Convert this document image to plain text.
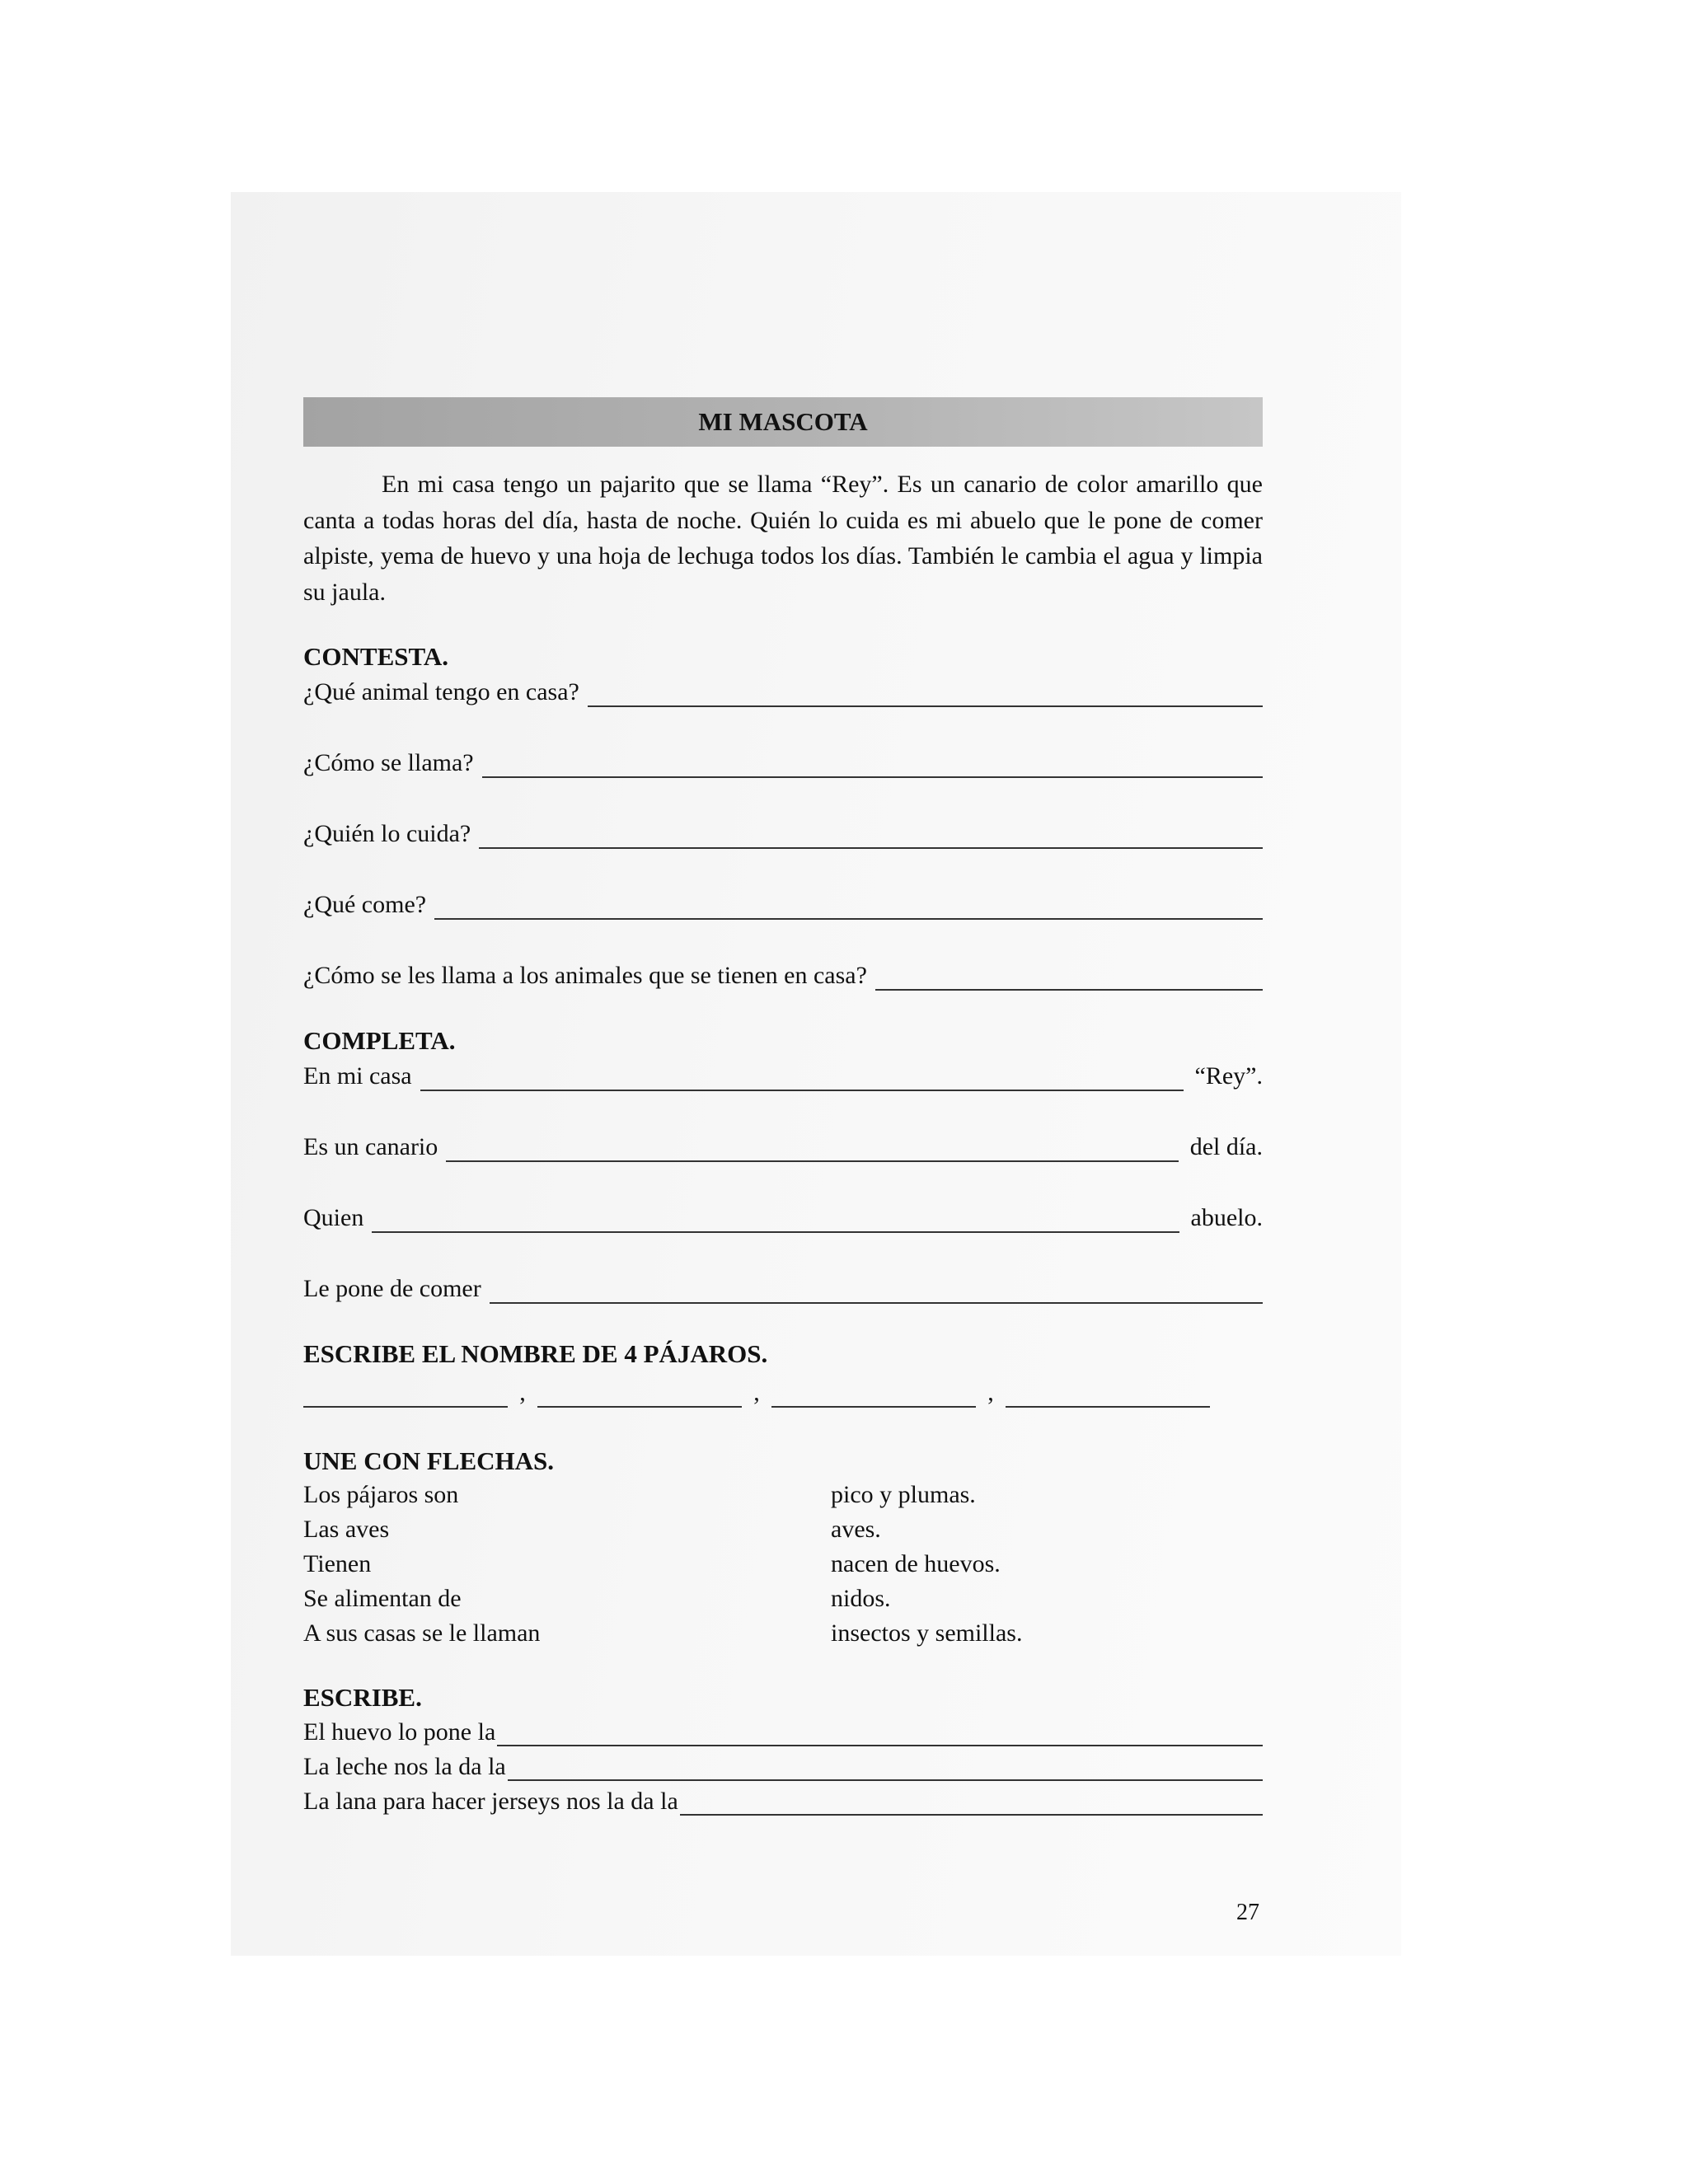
MI MASCOTA

En mi casa tengo un pajarito que se llama “Rey”. Es un canario de color amarillo que canta a todas horas del día, hasta de noche. Quién lo cuida es mi abuelo que le pone de comer alpiste, yema de huevo y una hoja de lechuga todos los días. También le cambia el agua y limpia su jaula.

CONTESTA.
¿Qué animal tengo en casa?
¿Cómo se llama?
¿Quién lo cuida?
¿Qué come?
¿Cómo se les llama a los animales que se tienen en casa?
COMPLETA.
En mi casa	“Rey”.
Es un canario	del día.
Quien	abuelo.
Le pone de comer
ESCRIBE EL NOMBRE DE 4 PÁJAROS.
,	,	,
UNE CON FLECHAS.
Los pájaros son	pico y plumas.
Las aves	aves.
Tienen	nacen de huevos.
Se alimentan de	nidos.
A sus casas se le llaman	insectos y semillas.
ESCRIBE.
El huevo lo pone la
La leche nos la da la
La lana para hacer jerseys nos la da la
27
